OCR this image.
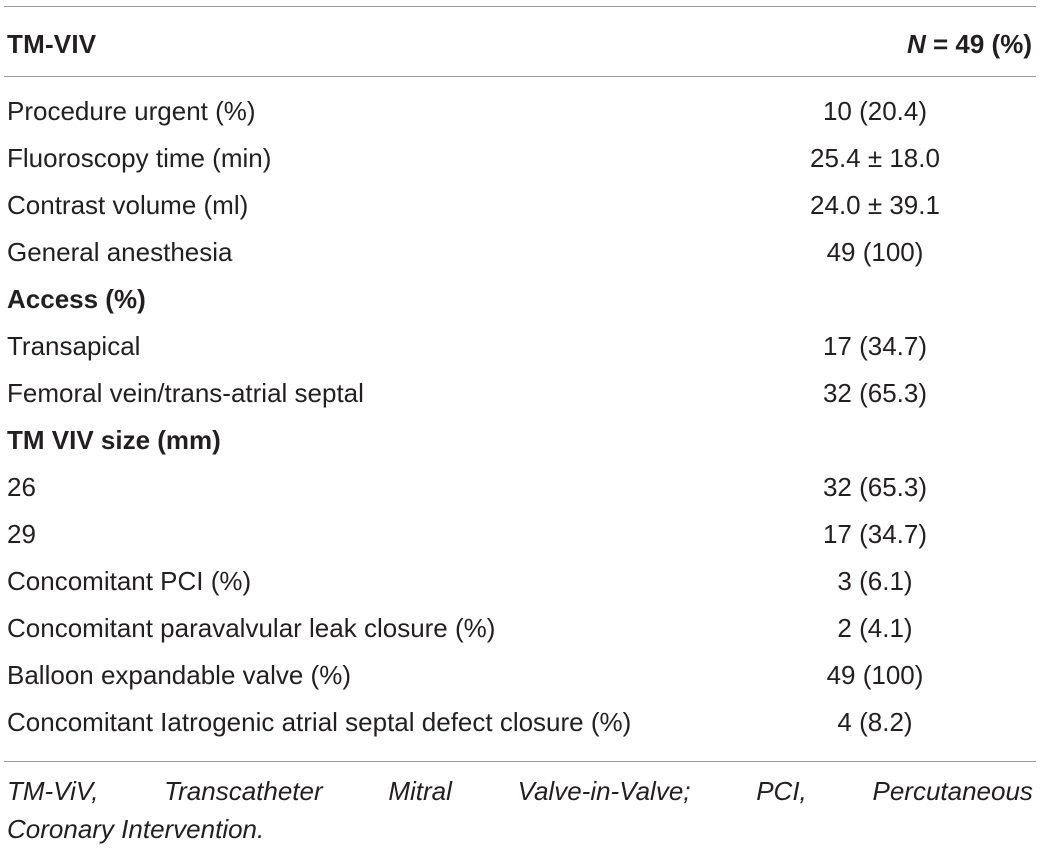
TM-VIV	N = 49 (%)
Procedure urgent (%)	10 (20.4)
Fluoroscopy time (min)	25.4 ± 18.0
Contrast volume (ml)	24.0 ± 39.1
General anesthesia	49 (100)
Access (%)
Transapical	17 (34.7)
Femoral vein/trans-atrial septal	32 (65.3)
TM VIV size (mm)
26	32 (65.3)
29	17 (34.7)
Concomitant PCI (%)	3 (6.1)
Concomitant paravalvular leak closure (%)	2 (4.1)
Balloon expandable valve (%)	49 (100)
Concomitant Iatrogenic atrial septal defect closure (%)	4 (8.2)
TM-ViV,	Transcatheter	Mitral	Valve-in-Valve;	PCI,	Percutaneous
Coronary Intervention.
